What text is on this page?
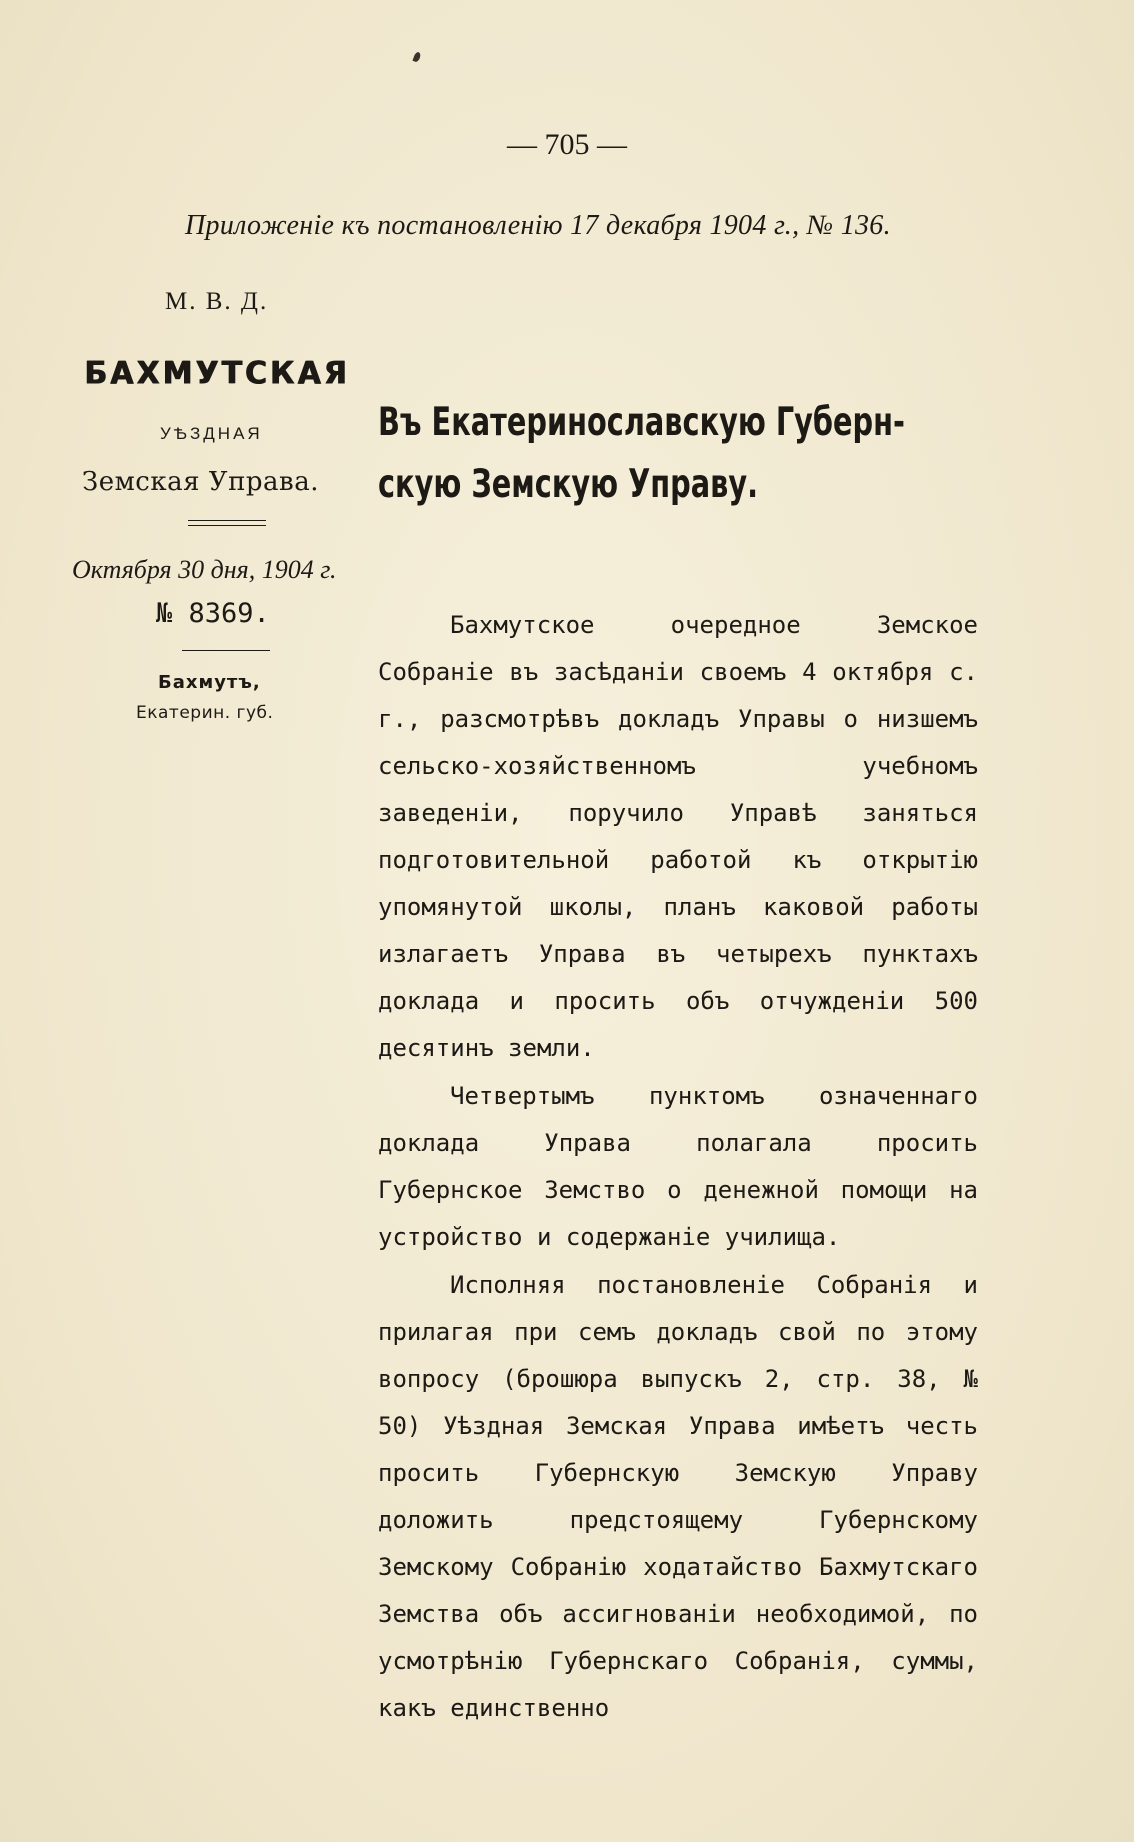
— 705 —
Приложеніе къ постановленію 17 декабря 1904 г., № 136.
М. В. Д.
БАХМУТСКАЯ
УѢЗДНАЯ
Земская Управа.
Октября 30 дня, 1904 г.
№ 8369.
Бахмутъ,
Екатерин. губ.
Въ Екатеринославскую Губерн-
скую Земскую Управу.

Бахмутское очередное Земское Собраніе въ засѣданіи своемъ 4 октября с. г., разсмотрѣвъ докладъ Управы о низшемъ сельско-хозяйственномъ учебномъ заведеніи, поручило Управѣ заняться подготовительной работой къ открытію упомянутой школы, планъ каковой работы излагаетъ Управа въ четырехъ пунктахъ доклада и просить объ отчужденіи 500 десятинъ земли.

Четвертымъ пунктомъ означеннаго доклада Управа полагала просить Губернское Земство о денежной помощи на устройство и содержаніе училища.

Исполняя постановленіе Собранія и прилагая при семъ докладъ свой по этому вопросу (брошюра выпускъ 2, стр. 38, № 50) Уѣздная Земская Управа имѣетъ честь просить Губернскую Земскую Управу доложить предстоящему Губернскому Земскому Собранію ходатайство Бахмутскаго Земства объ ассигнованіи необходимой, по усмотрѣнію Губернскаго Собранія, суммы, какъ единственно
